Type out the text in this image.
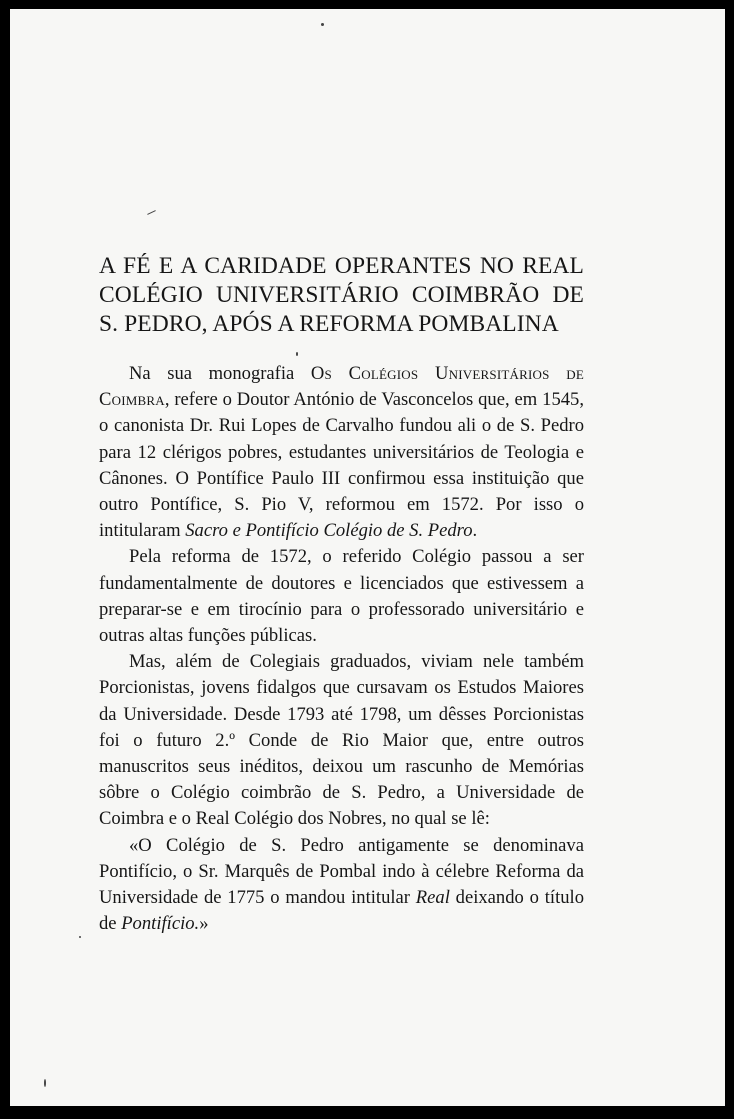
A FÉ E A CARIDADE OPERANTES NO REAL
COLÉGIO UNIVERSITÁRIO COIMBRÃO DE
S. PEDRO, APÓS A REFORMA POMBALINA

Na sua monografia Os Colégios Universitários de Coimbra, refere o Doutor António de Vasconcelos que, em 1545, o canonista Dr. Rui Lopes de Carvalho fundou ali o de S. Pedro para 12 clérigos pobres, estudantes universitários de Teologia e Cânones. O Pontífice Paulo III confirmou essa instituição que outro Pontífice, S. Pio V, reformou em 1572. Por isso o intitularam Sacro e Pontifício Colégio de S. Pedro.

Pela reforma de 1572, o referido Colégio passou a ser fundamentalmente de doutores e licenciados que estivessem a preparar-se e em tirocínio para o professorado universitário e outras altas funções públicas.

Mas, além de Colegiais graduados, viviam nele também Porcionistas, jovens fidalgos que cursavam os Estudos Maiores da Universidade. Desde 1793 até 1798, um dêsses Porcionistas foi o futuro 2.º Conde de Rio Maior que, entre outros manuscritos seus inéditos, deixou um rascunho de Memórias sôbre o Colégio coimbrão de S. Pedro, a Universidade de Coimbra e o Real Colégio dos Nobres, no qual se lê:

«O Colégio de S. Pedro antigamente se denominava Pontifício, o Sr. Marquês de Pombal indo à célebre Reforma da Universidade de 1775 o mandou intitular Real deixando o título de Pontifício.»
